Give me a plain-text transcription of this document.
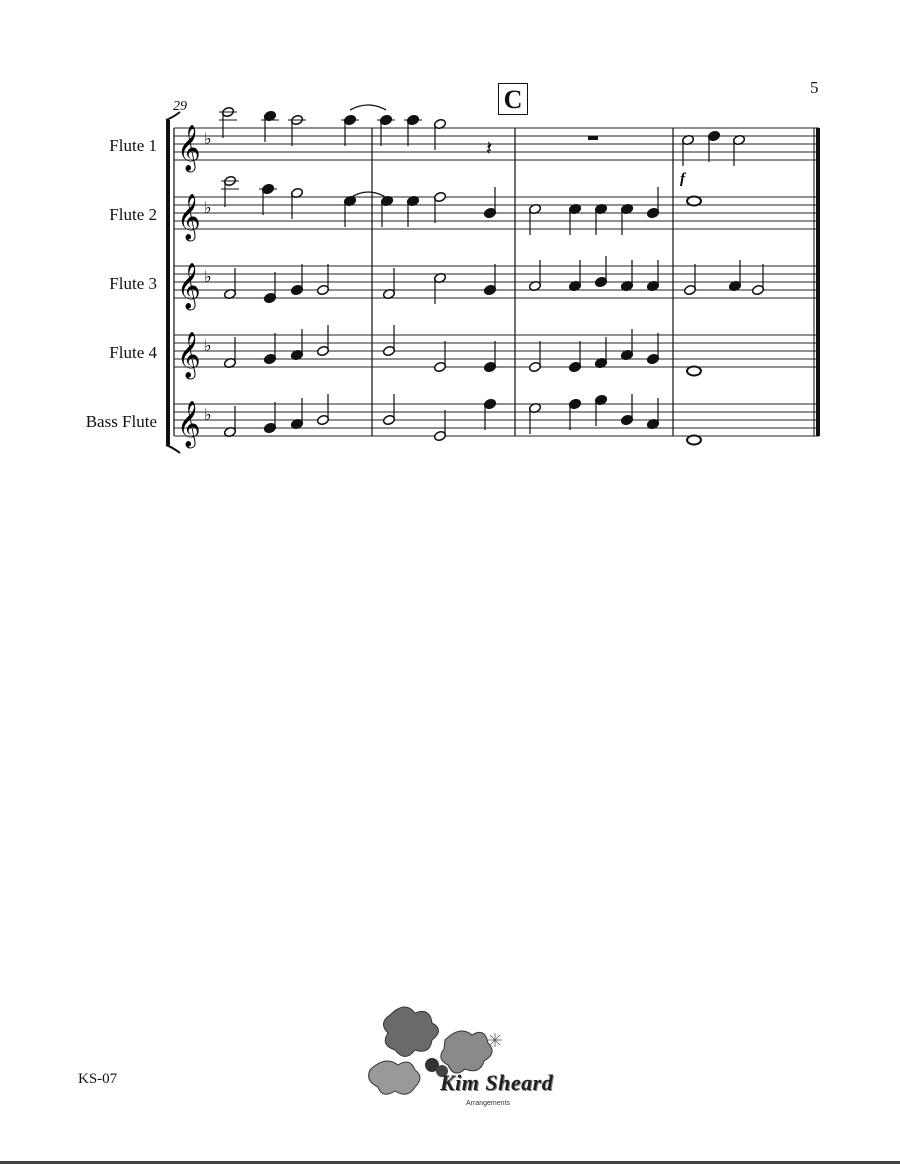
5
C
29
Flute 1
Flute 2
Flute 3
Flute 4
Bass Flute
𝄞 ♭
𝄞 ♭
𝄞 ♭
𝄞 ♭
𝄞 ♭
𝄽
f
Kim Sheard
Arrangements
KS-07
